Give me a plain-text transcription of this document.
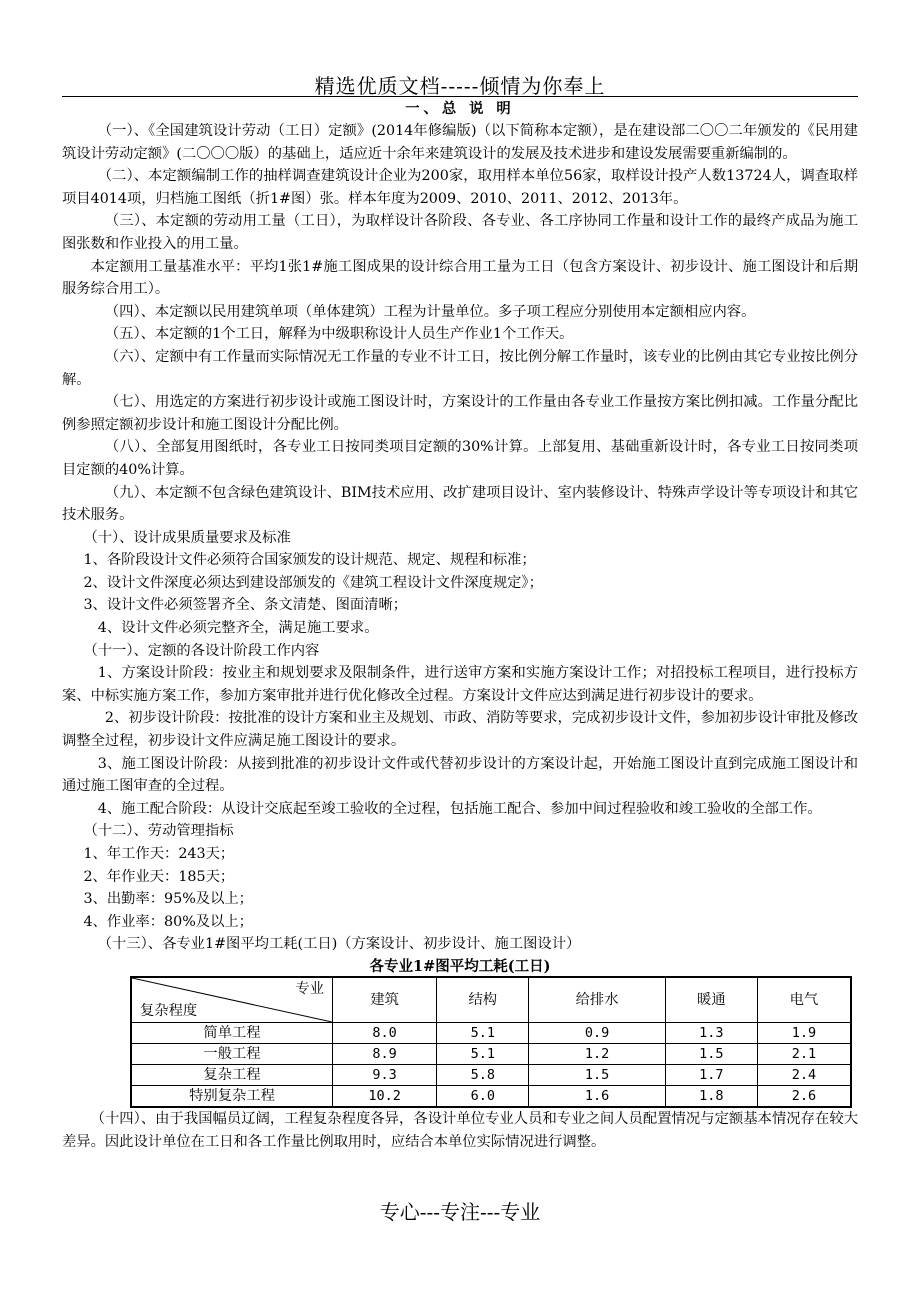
精选优质文档-----倾情为你奉上
一、总 说 明

（一）、《全国建筑设计劳动（工日）定额》(2014年修编版)（以下简称本定额），是在建设部二〇〇二年颁发的《民用建筑设计劳动定额》(二〇〇〇版）的基础上，适应近十余年来建筑设计的发展及技术进步和建设发展需要重新编制的。

（二）、本定额编制工作的抽样调查建筑设计企业为200家，取用样本单位56家，取样设计投产人数13724人，调查取样项目4014项，归档施工图纸（折1#图）张。样本年度为2009、2010、2011、2012、2013年。

（三）、本定额的劳动用工量（工日），为取样设计各阶段、各专业、各工序协同工作量和设计工作的最终产成品为施工图张数和作业投入的用工量。

本定额用工量基准水平：平均1张1#施工图成果的设计综合用工量为工日（包含方案设计、初步设计、施工图设计和后期服务综合用工）。

（四）、本定额以民用建筑单项（单体建筑）工程为计量单位。多子项工程应分别使用本定额相应内容。

（五）、本定额的1个工日，解释为中级职称设计人员生产作业1个工作天。

（六）、定额中有工作量而实际情况无工作量的专业不计工日，按比例分解工作量时，该专业的比例由其它专业按比例分解。

（七）、用选定的方案进行初步设计或施工图设计时，方案设计的工作量由各专业工作量按方案比例扣减。工作量分配比例参照定额初步设计和施工图设计分配比例。

（八）、全部复用图纸时，各专业工日按同类项目定额的30%计算。上部复用、基础重新设计时，各专业工日按同类项目定额的40%计算。

（九）、本定额不包含绿色建筑设计、BIM技术应用、改扩建项目设计、室内装修设计、特殊声学设计等专项设计和其它技术服务。

（十）、设计成果质量要求及标准

1、各阶段设计文件必须符合国家颁发的设计规范、规定、规程和标准；

2、设计文件深度必须达到建设部颁发的《建筑工程设计文件深度规定》；

3、设计文件必须签署齐全、条文清楚、图面清晰；

4、设计文件必须完整齐全，满足施工要求。

（十一）、定额的各设计阶段工作内容

1、方案设计阶段：按业主和规划要求及限制条件，进行送审方案和实施方案设计工作；对招投标工程项目，进行投标方案、中标实施方案工作，参加方案审批并进行优化修改全过程。方案设计文件应达到满足进行初步设计的要求。

2、初步设计阶段：按批准的设计方案和业主及规划、市政、消防等要求，完成初步设计文件，参加初步设计审批及修改调整全过程，初步设计文件应满足施工图设计的要求。

3、施工图设计阶段：从接到批准的初步设计文件或代替初步设计的方案设计起，开始施工图设计直到完成施工图设计和通过施工图审查的全过程。

4、施工配合阶段：从设计交底起至竣工验收的全过程，包括施工配合、参加中间过程验收和竣工验收的全部工作。

（十二）、劳动管理指标

1、年工作天：243天；

2、年作业天：185天；

3、出勤率：95%及以上；

4、作业率：80%及以上；

（十三）、各专业1#图平均工耗(工日)（方案设计、初步设计、施工图设计）

各专业1#图平均工耗(工日)
专业
复杂程度	建筑	结构	给排水	暖通	电气
简单工程	8.0	5.1	0.9	1.3	1.9
一般工程	8.9	5.1	1.2	1.5	2.1
复杂工程	9.3	5.8	1.5	1.7	2.4
特别复杂工程	10.2	6.0	1.6	1.8	2.6

（十四）、由于我国幅员辽阔，工程复杂程度各异，各设计单位专业人员和专业之间人员配置情况与定额基本情况存在较大差异。因此设计单位在工日和各工作量比例取用时，应结合本单位实际情况进行调整。

专心---专注---专业
